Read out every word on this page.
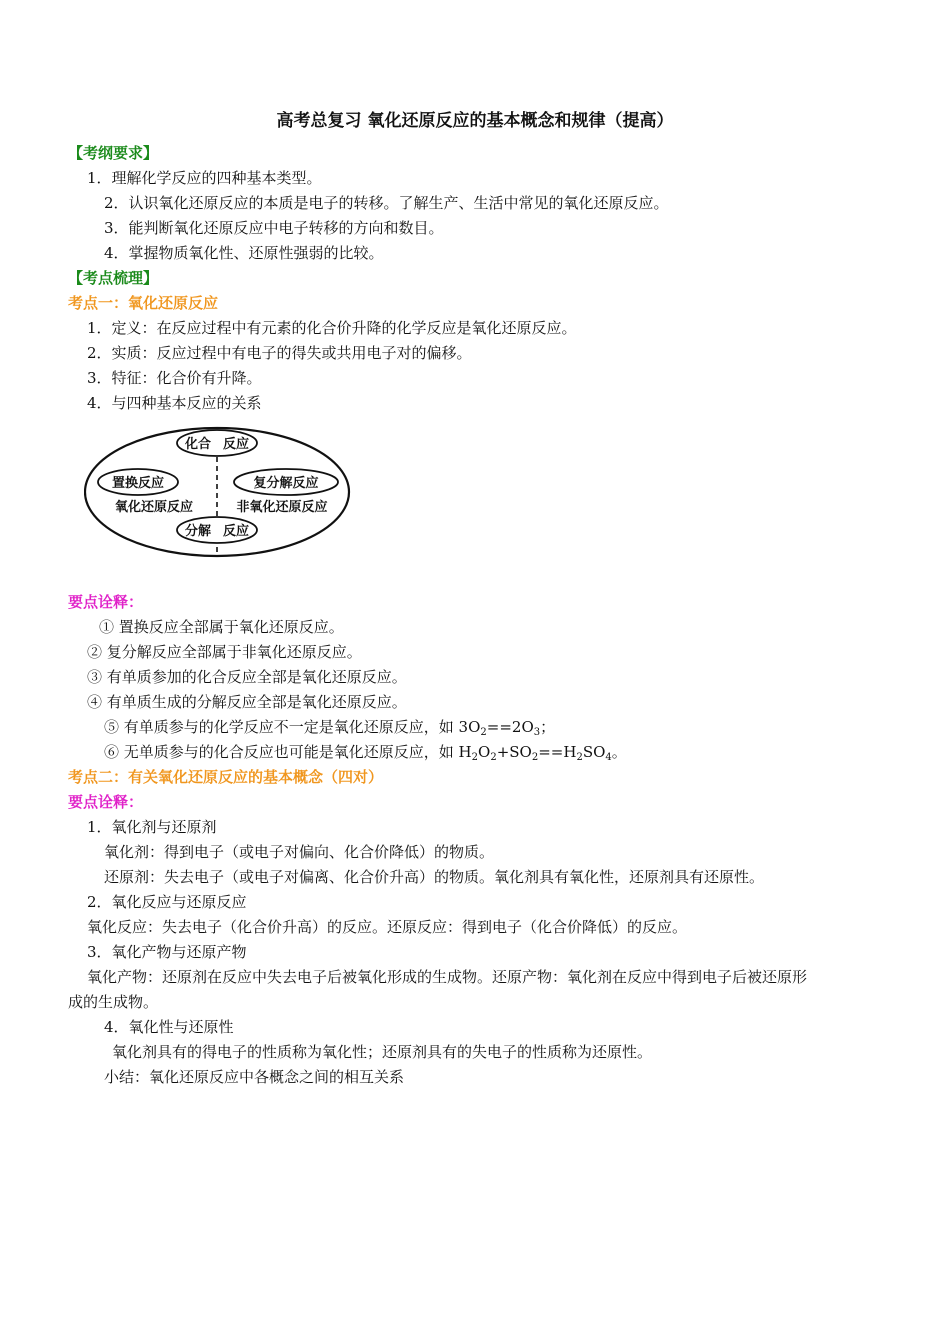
高考总复习 氧化还原反应的基本概念和规律（提高）
【考纲要求】
1．理解化学反应的四种基本类型。
2．认识氧化还原反应的本质是电子的转移。了解生产、生活中常见的氧化还原反应。
3．能判断氧化还原反应中电子转移的方向和数目。
4．掌握物质氧化性、还原性强弱的比较。
【考点梳理】
考点一：氧化还原反应
1．定义：在反应过程中有元素的化合价升降的化学反应是氧化还原反应。
2．实质：反应过程中有电子的得失或共用电子对的偏移。
3．特征：化合价有升降。
4．与四种基本反应的关系
化合 反应
置换反应	复分解反应
氧化还原反应	非氧化还原反应
分解 反应
要点诠释：
① 置换反应全部属于氧化还原反应。
② 复分解反应全部属于非氧化还原反应。
③ 有单质参加的化合反应全部是氧化还原反应。
④ 有单质生成的分解反应全部是氧化还原反应。
⑤ 有单质参与的化学反应不一定是氧化还原反应，如 $3O_2==2O_3$；
⑥ 无单质参与的化合反应也可能是氧化还原反应，如 $H_2O_2+SO_2==H_2SO_4$。
考点二：有关氧化还原反应的基本概念（四对）
要点诠释：
1．氧化剂与还原剂
氧化剂：得到电子（或电子对偏向、化合价降低）的物质。
还原剂：失去电子（或电子对偏离、化合价升高）的物质。氧化剂具有氧化性，还原剂具有还原性。
2．氧化反应与还原反应
氧化反应：失去电子（化合价升高）的反应。还原反应：得到电子（化合价降低）的反应。
3．氧化产物与还原产物
氧化产物：还原剂在反应中失去电子后被氧化形成的生成物。还原产物：氧化剂在反应中得到电子后被还原形
成的生成物。
4．氧化性与还原性
氧化剂具有的得电子的性质称为氧化性；还原剂具有的失电子的性质称为还原性。
小结：氧化还原反应中各概念之间的相互关系
